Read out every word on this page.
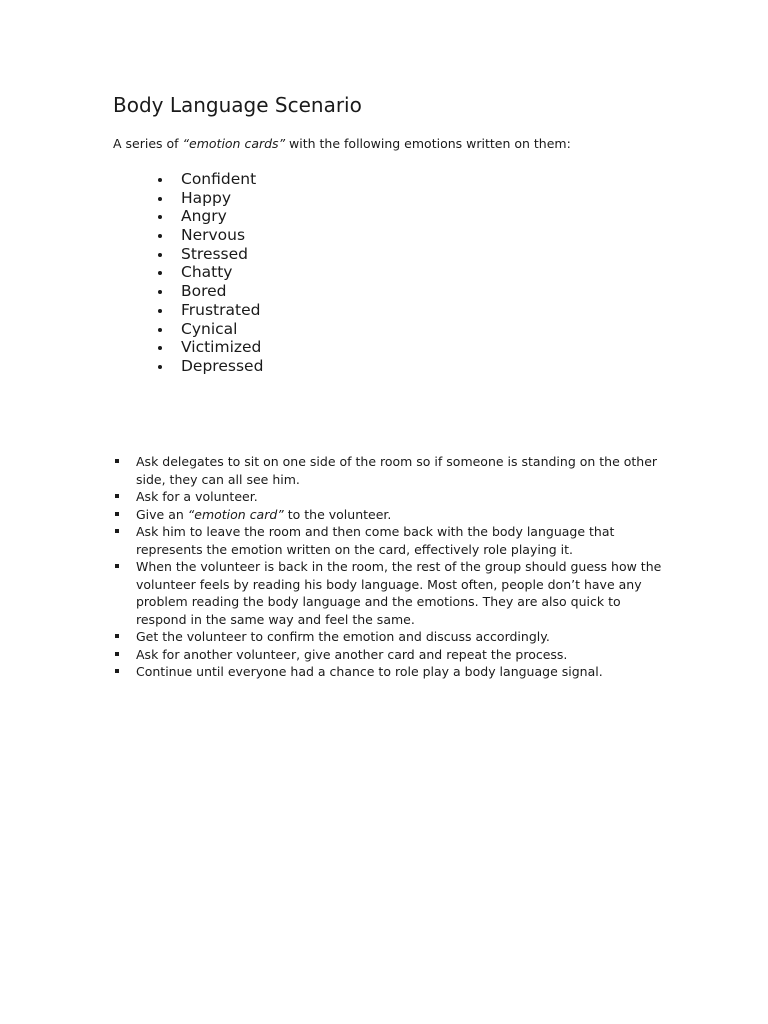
Body Language Scenario

A series of “emotion cards” with the following emotions written on them:

Confident
Happy
Angry
Nervous
Stressed
Chatty
Bored
Frustrated
Cynical
Victimized
Depressed
Ask delegates to sit on one side of the room so if someone is standing on the other side, they can all see him.
Ask for a volunteer.
Give an “emotion card” to the volunteer.
Ask him to leave the room and then come back with the body language that represents the emotion written on the card, effectively role playing it.
When the volunteer is back in the room, the rest of the group should guess how the volunteer feels by reading his body language. Most often, people don’t have any problem reading the body language and the emotions. They are also quick to respond in the same way and feel the same.
Get the volunteer to confirm the emotion and discuss accordingly.
Ask for another volunteer, give another card and repeat the process.
Continue until everyone had a chance to role play a body language signal.
